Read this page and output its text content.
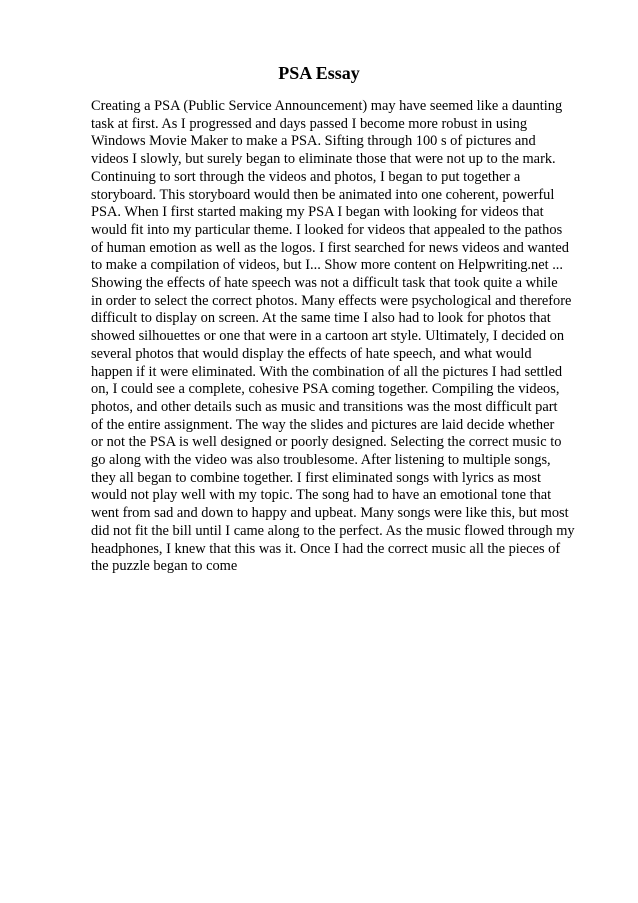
PSA Essay
Creating a PSA (Public Service Announcement) may have seemed like a daunting
task at first. As I progressed and days passed I become more robust in using
Windows Movie Maker to make a PSA. Sifting through 100 s of pictures and
videos I slowly, but surely began to eliminate those that were not up to the mark.
Continuing to sort through the videos and photos, I began to put together a
storyboard. This storyboard would then be animated into one coherent, powerful
PSA. When I first started making my PSA I began with looking for videos that
would fit into my particular theme. I looked for videos that appealed to the pathos
of human emotion as well as the logos. I first searched for news videos and wanted
to make a compilation of videos, but I... Show more content on Helpwriting.net ...
Showing the effects of hate speech was not a difficult task that took quite a while
in order to select the correct photos. Many effects were psychological and therefore
difficult to display on screen. At the same time I also had to look for photos that
showed silhouettes or one that were in a cartoon art style. Ultimately, I decided on
several photos that would display the effects of hate speech, and what would
happen if it were eliminated. With the combination of all the pictures I had settled
on, I could see a complete, cohesive PSA coming together. Compiling the videos,
photos, and other details such as music and transitions was the most difficult part
of the entire assignment. The way the slides and pictures are laid decide whether
or not the PSA is well designed or poorly designed. Selecting the correct music to
go along with the video was also troublesome. After listening to multiple songs,
they all began to combine together. I first eliminated songs with lyrics as most
would not play well with my topic. The song had to have an emotional tone that
went from sad and down to happy and upbeat. Many songs were like this, but most
did not fit the bill until I came along to the perfect. As the music flowed through my
headphones, I knew that this was it. Once I had the correct music all the pieces of
the puzzle began to come
